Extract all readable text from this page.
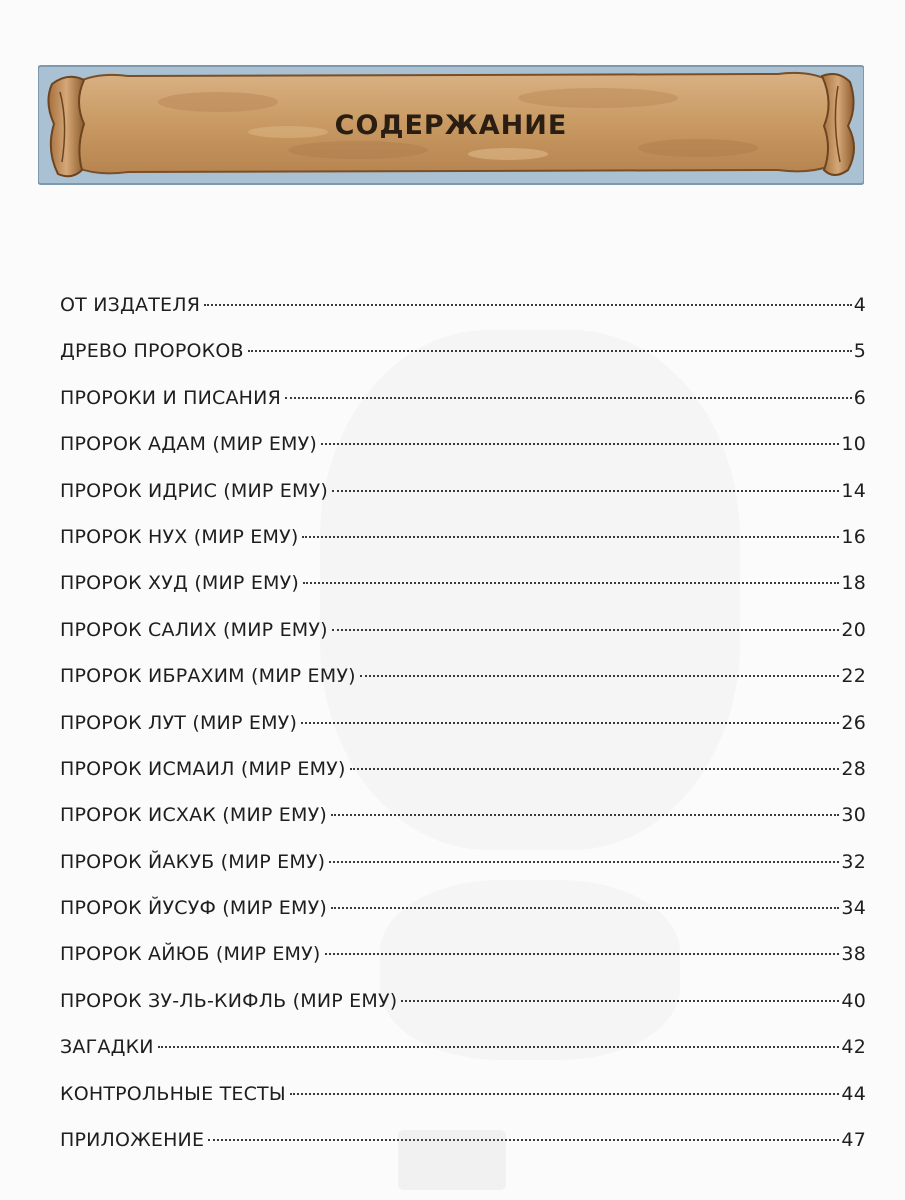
СОДЕРЖАНИЕ
ОТ ИЗДАТЕЛЯ	4
ДРЕВО ПРОРОКОВ	5
ПРОРОКИ И ПИСАНИЯ	6
ПРОРОК АДАМ (МИР ЕМУ)	10
ПРОРОК ИДРИС (МИР ЕМУ)	14
ПРОРОК НУХ (МИР ЕМУ)	16
ПРОРОК ХУД (МИР ЕМУ)	18
ПРОРОК САЛИХ (МИР ЕМУ)	20
ПРОРОК ИБРАХИМ (МИР ЕМУ)	22
ПРОРОК ЛУТ (МИР ЕМУ)	26
ПРОРОК ИСМАИЛ (МИР ЕМУ)	28
ПРОРОК ИСХАК (МИР ЕМУ)	30
ПРОРОК ЙАКУБ (МИР ЕМУ)	32
ПРОРОК ЙУСУФ (МИР ЕМУ)	34
ПРОРОК АЙЮБ (МИР ЕМУ)	38
ПРОРОК ЗУ-ЛЬ-КИФЛЬ (МИР ЕМУ)	40
ЗАГАДКИ	42
КОНТРОЛЬНЫЕ ТЕСТЫ	44
ПРИЛОЖЕНИЕ	47
